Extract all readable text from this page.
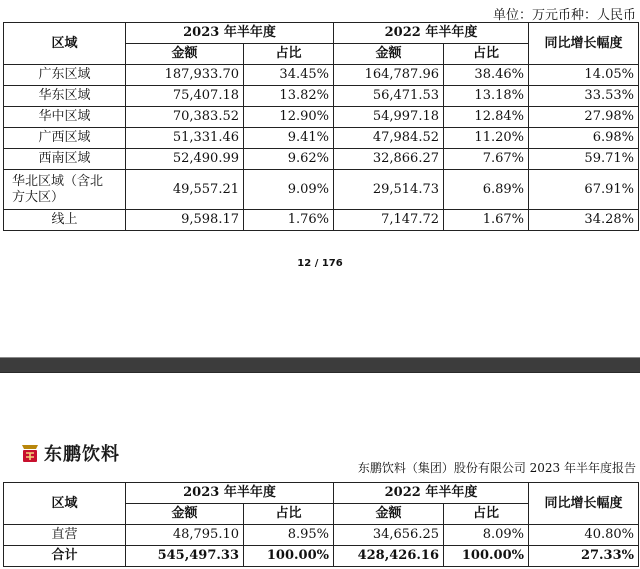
单位：万元币种：人民币
区域	2023 年半年度		2022 年半年度		同比增长幅度
	金额	占比	金额	占比	
广东区域	187,933.70	34.45%	164,787.96	38.46%	14.05%
华东区域	75,407.18	13.82%	56,471.53	13.18%	33.53%
华中区域	70,383.52	12.90%	54,997.18	12.84%	27.98%
广西区域	51,331.46	9.41%	47,984.52	11.20%	6.98%
西南区域	52,490.99	9.62%	32,866.27	7.67%	59.71%

华北区域（含北
方大区）	49,557.21	9.09%	29,514.73	6.89%	67.91%
线上	9,598.17	1.76%	7,147.72	1.67%	34.28%
12 / 176
东鹏饮料
东鹏饮料（集团）股份有限公司 2023 年半年度报告
区域	2023 年半年度		2022 年半年度		同比增长幅度
	金额	占比	金额	占比	
直营	48,795.10	8.95%	34,656.25	8.09%	40.80%
合计	545,497.33	100.00%	428,426.16	100.00%	27.33%
